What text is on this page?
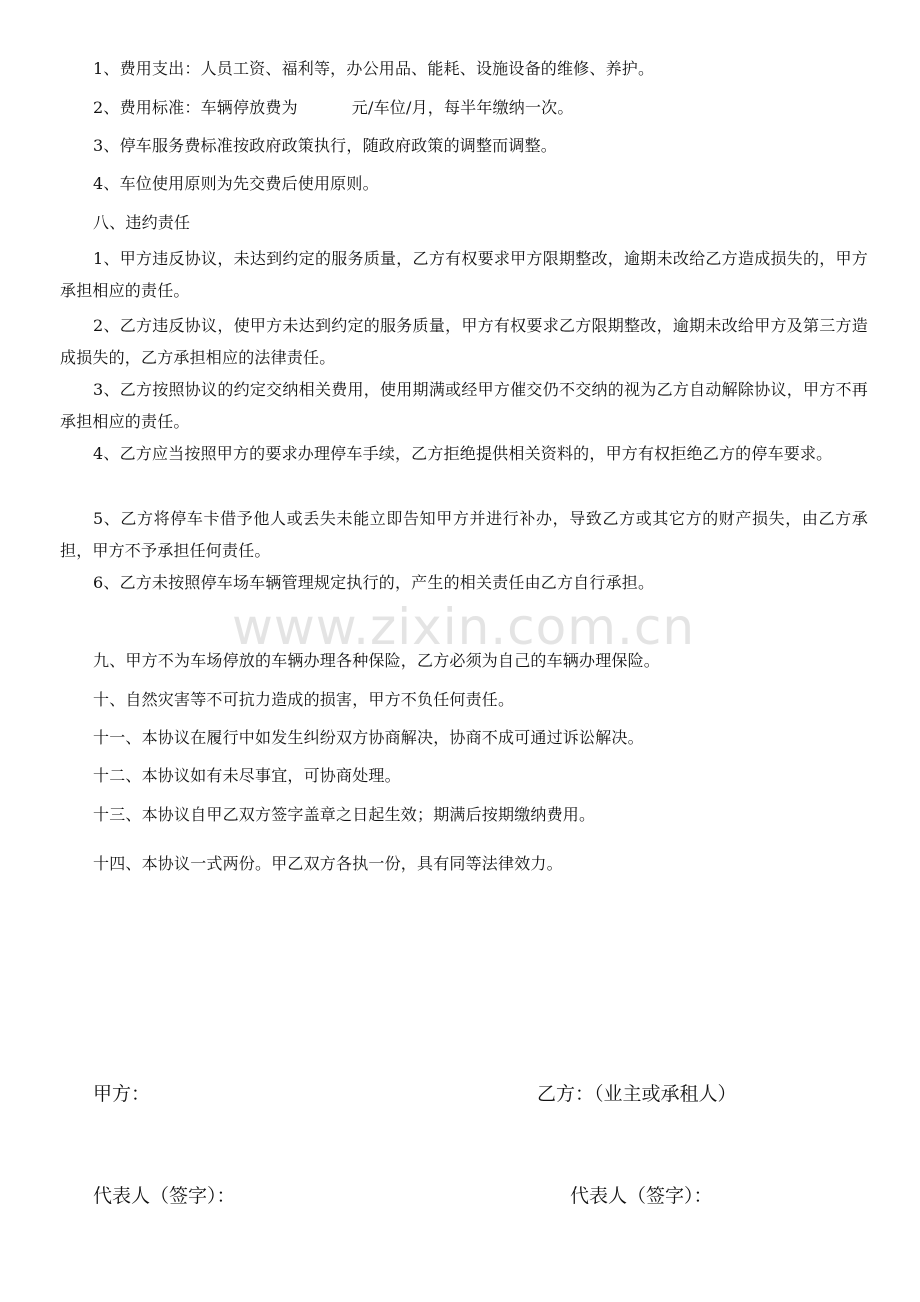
1、费用支出：人员工资、福利等，办公用品、能耗、设施设备的维修、养护。

2、费用标准：车辆停放费为	元/车位/月，每半年缴纳一次。

3、停车服务费标准按政府政策执行，随政府政策的调整而调整。

4、车位使用原则为先交费后使用原则。

八、违约责任

1、甲方违反协议，未达到约定的服务质量，乙方有权要求甲方限期整改，逾期未改给乙方造成损失的，甲方承担相应的责任。

2、乙方违反协议，使甲方未达到约定的服务质量，甲方有权要求乙方限期整改，逾期未改给甲方及第三方造成损失的，乙方承担相应的法律责任。

3、乙方按照协议的约定交纳相关费用，使用期满或经甲方催交仍不交纳的视为乙方自动解除协议，甲方不再承担相应的责任。

4、乙方应当按照甲方的要求办理停车手续，乙方拒绝提供相关资料的，甲方有权拒绝乙方的停车要求。

5、乙方将停车卡借予他人或丢失未能立即告知甲方并进行补办，导致乙方或其它方的财产损失，由乙方承担，甲方不予承担任何责任。

6、乙方未按照停车场车辆管理规定执行的，产生的相关责任由乙方自行承担。

www.zixin.com.cn

九、甲方不为车场停放的车辆办理各种保险，乙方必须为自己的车辆办理保险。

十、自然灾害等不可抗力造成的损害，甲方不负任何责任。

十一、本协议在履行中如发生纠纷双方协商解决，协商不成可通过诉讼解决。

十二、本协议如有未尽事宜，可协商处理。

十三、本协议自甲乙双方签字盖章之日起生效；期满后按期缴纳费用。

十四、本协议一式两份。甲乙双方各执一份，具有同等法律效力。

甲方：	乙方：（业主或承租人）
代表人（签字）：	代表人（签字）：
